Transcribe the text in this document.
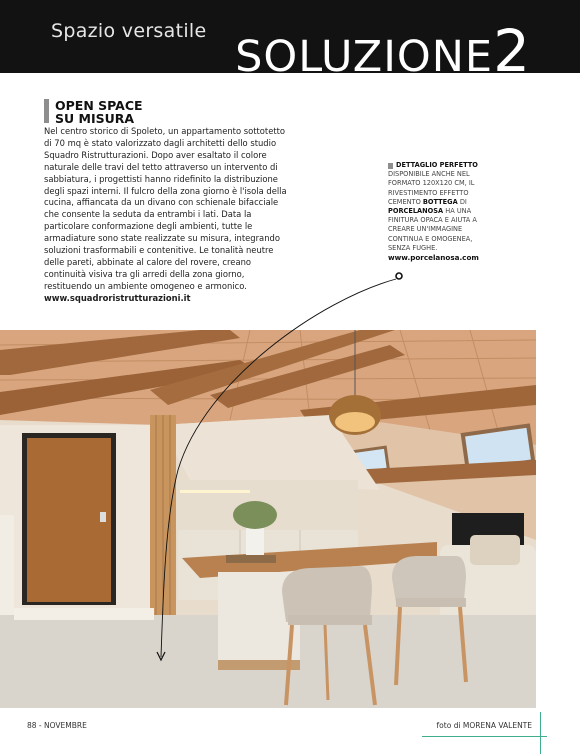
Spazio versatile
SOLUZIONE2
OPEN SPACE
SU MISURA
Nel centro storico di Spoleto, un appartamento sottotetto di 70 mq è stato valorizzato dagli architetti dello studio Squadro Ristrutturazioni. Dopo aver esaltato il colore naturale delle travi del tetto attraverso un intervento di sabbiatura, i progettisti hanno ridefinito la distribuzione degli spazi interni. Il fulcro della zona giorno è l'isola della cucina, affiancata da un divano con schienale bifacciale che consente la seduta da entrambi i lati. Data la particolare conformazione degli ambienti, tutte le armadiature sono state realizzate su misura, integrando soluzioni trasformabili e contenitive. Le tonalità neutre delle pareti, abbinate al calore del rovere, creano continuità visiva tra gli arredi della zona giorno, restituendo un ambiente omogeneo e armonico.
www.squadroristrutturazioni.it
DETTAGLIO PERFETTO
DISPONIBILE ANCHE NEL FORMATO 120X120 CM, IL RIVESTIMENTO EFFETTO CEMENTO BOTTEGA DI PORCELANOSA HA UNA FINITURA OPACA E AIUTA A CREARE UN'IMMAGINE CONTINUA E OMOGENEA, SENZA FUGHE.
www.porcelanosa.com
88 - NOVEMBRE	foto di MORENA VALENTE
